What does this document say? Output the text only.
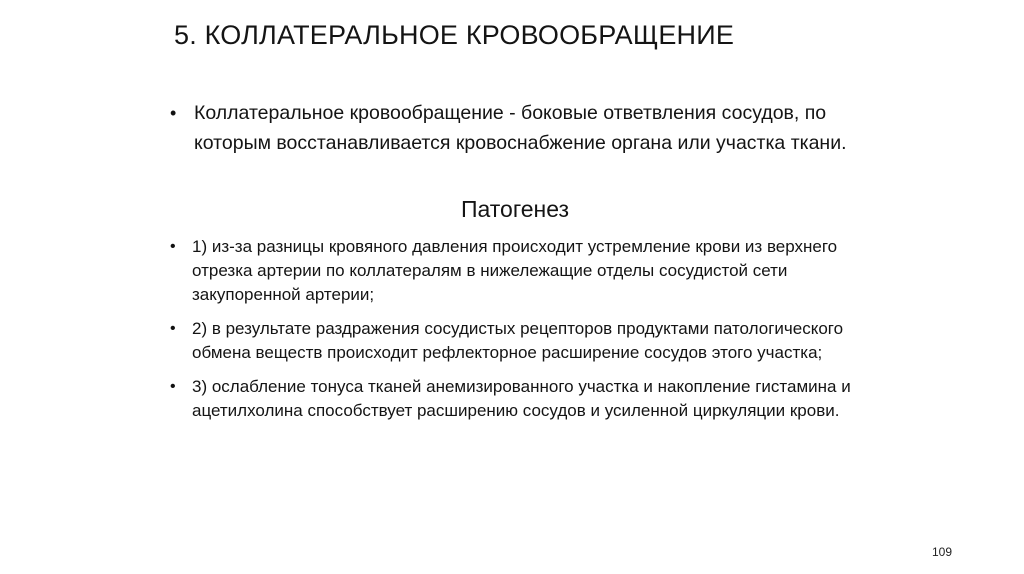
5. КОЛЛАТЕРАЛЬНОЕ КРОВООБРАЩЕНИЕ
• Коллатеральное кровообращение - боковые ответвления сосудов, по которым восстанавливается кровоснабжение органа или участка ткани.
Патогенез
• 1) из-за разницы кровяного давления происходит устремление крови из верхнего отрезка артерии по коллатералям в нижележащие отделы сосудистой сети закупоренной артерии;
• 2) в результате раздражения сосудистых рецепторов продуктами патологического обмена веществ происходит рефлекторное расширение сосудов этого участка;
• 3) ослабление тонуса тканей анемизированного участка и накопление гистамина и ацетилхолина способствует расширению сосудов и усиленной циркуляции крови.
109
